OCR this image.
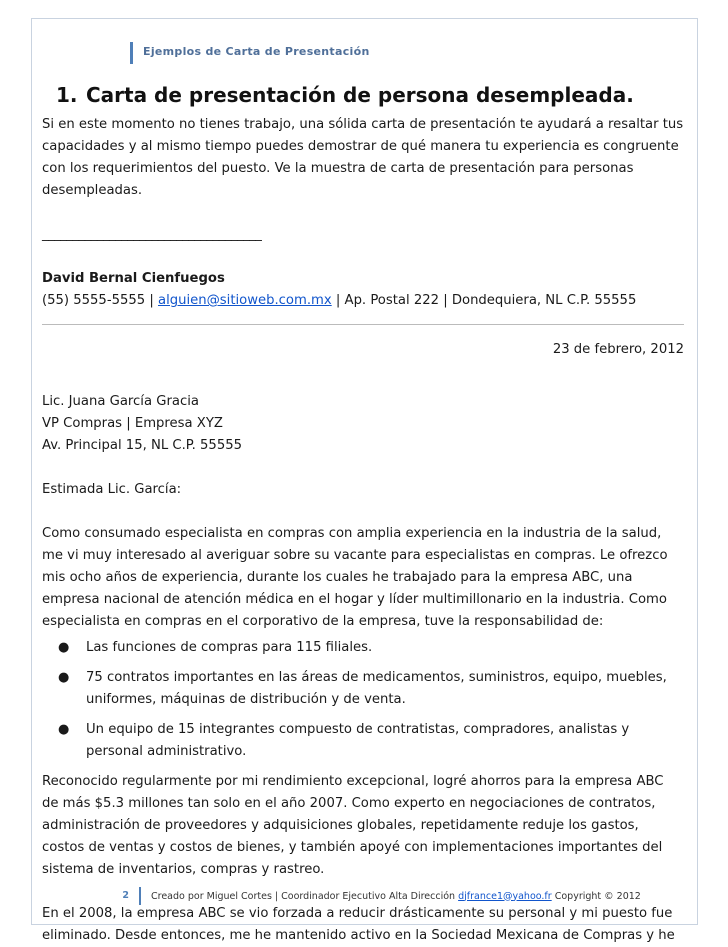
Ejemplos de Carta de Presentación
1. Carta de presentación de persona desempleada.

Si en este momento no tienes trabajo, una sólida carta de presentación te ayudará a resaltar tus capacidades y al mismo tiempo puedes demostrar de qué manera tu experiencia es congruente con los requerimientos del puesto. Ve la muestra de carta de presentación para personas desempleadas.

____________________________________

David Bernal Cienfuegos

(55) 5555-5555 | alguien@sitioweb.com.mx | Ap. Postal 222 | Dondequiera, NL C.P. 55555

23 de febrero, 2012

Lic. Juana García Gracia

VP Compras | Empresa XYZ

Av. Principal 15, NL C.P. 55555

Estimada Lic. García:

Como consumado especialista en compras con amplia experiencia en la industria de la salud, me vi muy interesado al averiguar sobre su vacante para especialistas en compras. Le ofrezco mis ocho años de experiencia, durante los cuales he trabajado para la empresa ABC, una empresa nacional de atención médica en el hogar y líder multimillonario en la industria. Como especialista en compras en el corporativo de la empresa, tuve la responsabilidad de:

● Las funciones de compras para 115 filiales.
● 75 contratos importantes en las áreas de medicamentos, suministros, equipo, muebles, uniformes, máquinas de distribución y de venta.
● Un equipo de 15 integrantes compuesto de contratistas, compradores, analistas y personal administrativo.

Reconocido regularmente por mi rendimiento excepcional, logré ahorros para la empresa ABC de más $5.3 millones tan solo en el año 2007. Como experto en negociaciones de contratos, administración de proveedores y adquisiciones globales, repetidamente reduje los gastos, costos de ventas y costos de bienes, y también apoyé con implementaciones importantes del sistema de inventarios, compras y rastreo.

En el 2008, la empresa ABC se vio forzada a reducir drásticamente su personal y mi puesto fue eliminado. Desde entonces, me he mantenido activo en la Sociedad Mexicana de Compras y he

2	Creado por Miguel Cortes | Coordinador Ejecutivo Alta Dirección
djfrance1@yahoo.fr
Copyright © 2012
